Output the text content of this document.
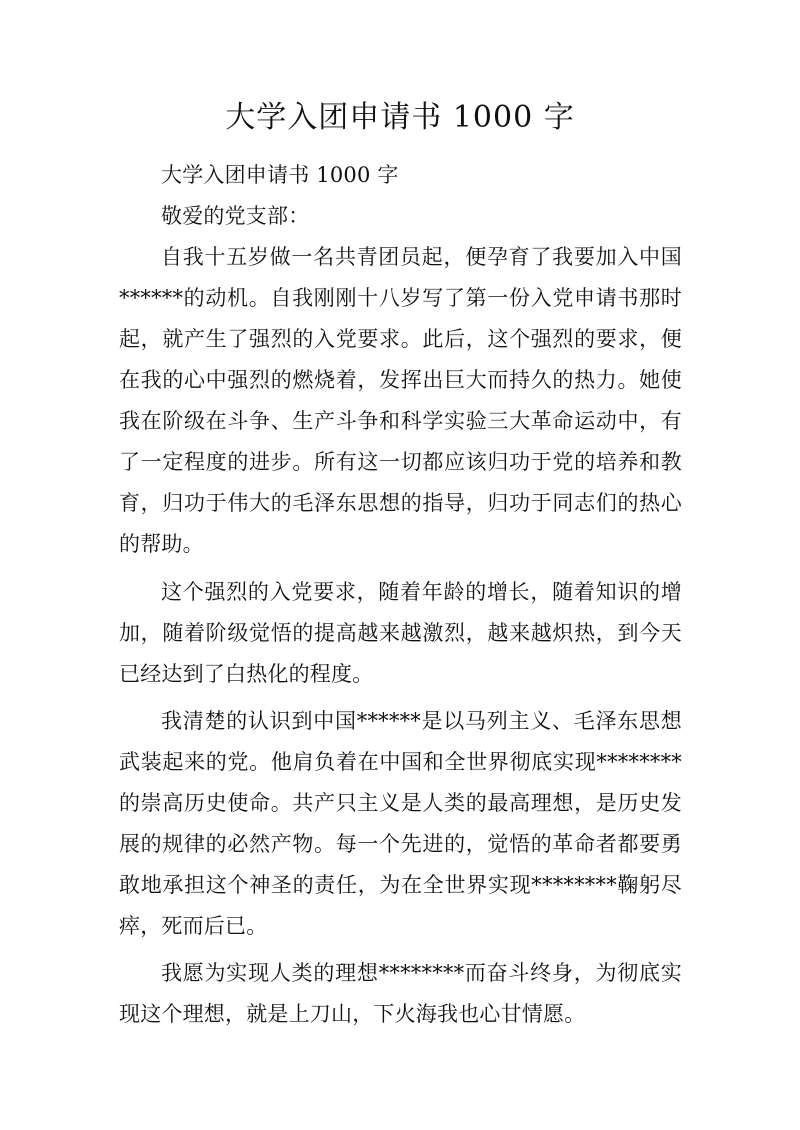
大学入团申请书 1000 字
大学入团申请书 1000 字
敬爱的党支部：
自我十五岁做一名共青团员起，便孕育了我要加入中国
******的动机。自我刚刚十八岁写了第一份入党申请书那时
起，就产生了强烈的入党要求。此后，这个强烈的要求，便
在我的心中强烈的燃烧着，发挥出巨大而持久的热力。她使
我在阶级在斗争、生产斗争和科学实验三大革命运动中，有
了一定程度的进步。所有这一切都应该归功于党的培养和教
育，归功于伟大的毛泽东思想的指导，归功于同志们的热心
的帮助。
这个强烈的入党要求，随着年龄的增长，随着知识的增
加，随着阶级觉悟的提高越来越激烈，越来越炽热，到今天
已经达到了白热化的程度。
我清楚的认识到中国******是以马列主义、毛泽东思想
武装起来的党。他肩负着在中国和全世界彻底实现********
的崇高历史使命。共产只主义是人类的最高理想，是历史发
展的规律的必然产物。每一个先进的，觉悟的革命者都要勇
敢地承担这个神圣的责任，为在全世界实现********鞠躬尽
瘁，死而后已。
我愿为实现人类的理想********而奋斗终身，为彻底实
现这个理想，就是上刀山，下火海我也心甘情愿。
